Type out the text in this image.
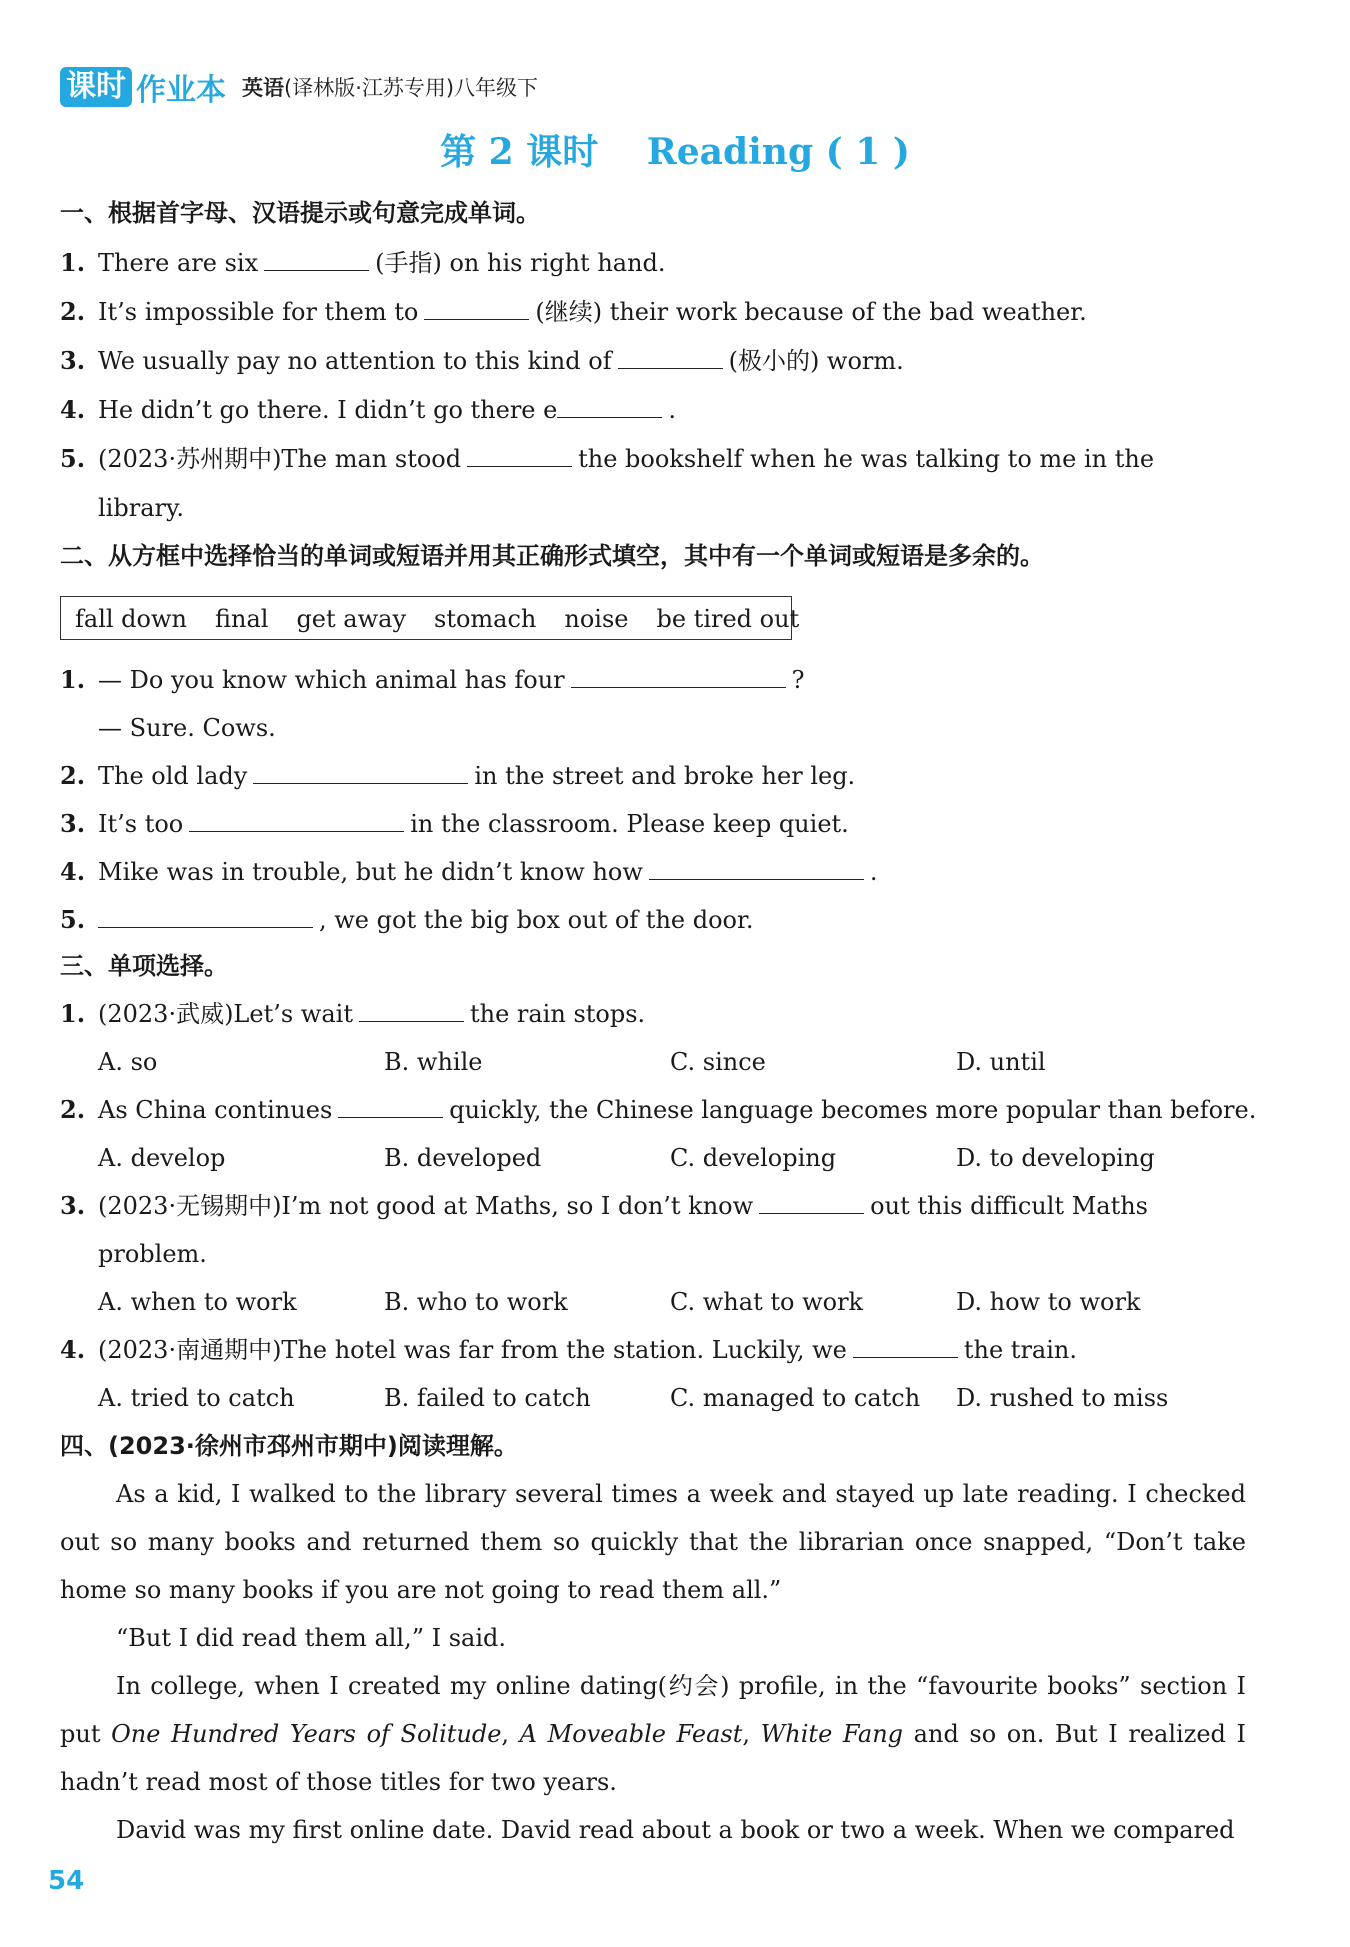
课时 作业本 英语(译林版·江苏专用)八年级下
第 2 课时　 Reading ( 1 )
一、根据首字母、汉语提示或句意完成单词。
1. There are six	(手指) on his right hand.
2. It’s impossible for them to	(继续) their work because of the bad weather.
3. We usually pay no attention to this kind of	(极小的) worm.
4. He didn’t go there. I didn’t go there e	.
5. (2023·苏州期中)The man stood	the bookshelf when he was talking to me in the
library.
二、从方框中选择恰当的单词或短语并用其正确形式填空，其中有一个单词或短语是多余的。
fall down final get away stomach noise be tired out
1. — Do you know which animal has four	?
— Sure. Cows.
2. The old lady	in the street and broke her leg.
3. It’s too	in the classroom. Please keep quiet.
4. Mike was in trouble, but he didn’t know how	.
5.	, we got the big box out of the door.
三、单项选择。
1. (2023·武威)Let’s wait	the rain stops.
A. so	B. while	C. since	D. until
2. As China continues	quickly, the Chinese language becomes more popular than before.
A. develop	B. developed	C. developing	D. to developing
3. (2023·无锡期中)I’m not good at Maths, so I don’t know	out this difficult Maths
problem.
A. when to work	B. who to work	C. what to work	D. how to work
4. (2023·南通期中)The hotel was far from the station. Luckily, we	the train.
A. tried to catch	B. failed to catch	C. managed to catch D. rushed to miss
四、(2023·徐州市邳州市期中)阅读理解。
As a kid, I walked to the library several times a week and stayed up late reading. I checked out so many books and returned them so quickly that the librarian once snapped, “Don’t take home so many books if you are not going to read them all.”
“But I did read them all,” I said.
In college, when I created my online dating(约会) profile, in the “favourite books” section I put One Hundred Years of Solitude, A Moveable Feast, White Fang and so on. But I realized I hadn’t read most of those titles for two years.
David was my first online date. David read about a book or two a week. When we compared
54
